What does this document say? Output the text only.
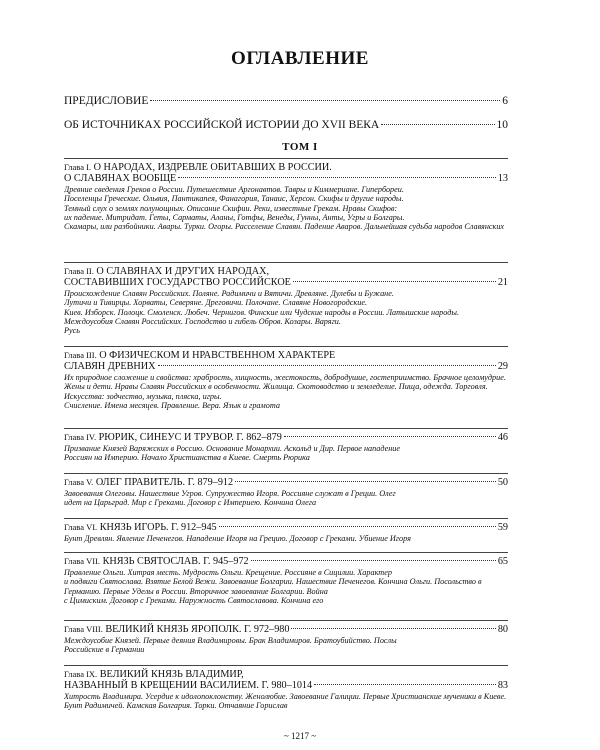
ОГЛАВЛЕНИЕ
ПРЕДИСЛОВИЕ	6
ОБ ИСТОЧНИКАХ РОССИЙСКОЙ ИСТОРИИ ДО XVII ВЕКА	10
ТОМ I
Глава I. О НАРОДАХ, ИЗДРЕВЛЕ ОБИТАВШИХ В РОССИИ.
О СЛАВЯНАХ ВООБЩЕ	13
Древние сведения Греков о России. Путешествие Аргонавтов. Тавры и Киммериане. Гипербореи.
Поселенцы Греческие. Ольвия, Пантикапея, Фанагория, Танаис, Херсон. Скифы и другие народы.
Темный слух о землях полунощных. Описание Скифии. Реки, известные Грекам. Нравы Скифов:
их падение. Митридат. Геты, Сарматы, Аланы, Готфы, Венеды, Гунны, Анты, Угры и Болгары.
Скамары, или разбойники. Авары. Турки. Огоры. Расселение Славян. Падение Аваров. Дальнейшая судьба народов Славянских
Глава II. О СЛАВЯНАХ И ДРУГИХ НАРОДАХ,
СОСТАВИВШИХ ГОСУДАРСТВО РОССИЙСКОЕ	21
Происхождение Славян Российских. Поляне. Радимичи и Вятичи. Древляне. Дулебы и Бужане.
Лутичи и Тивирцы. Хорваты, Северяне. Дреговичи. Полочане. Славяне Новогородские.
Киев. Изборск. Полоцк. Смоленск. Любеч. Чернигов. Финские или Чудские народы в России. Латышские народы. Междоусобия Славян Российских. Господство и гибель Обров. Козары. Варяги.
Русь
Глава III. О ФИЗИЧЕСКОМ И НРАВСТВЕННОМ ХАРАКТЕРЕ
СЛАВЯН ДРЕВНИХ	29
Их природное сложение и свойства: храбрость, хищность, жестокость, добродушие, гостеприимство. Брачное целомудрие. Жены и дети. Нравы Славян Российских в особенности. Жилища. Скотоводство и земледелие. Пища, одежда. Торговля. Искусства: зодчество, музыка, пляска, игры.
Счисление. Имена месяцев. Правление. Вера. Язык и грамота
Глава IV. РЮРИК, СИНЕУС И ТРУВОР. Г. 862–879	46
Призвание Князей Варяжских в Россию. Основание Монархии. Аскольд и Дир. Первое нападение
Россиян на Империю. Начало Христианства в Киеве. Смерть Рюрика
Глава V. ОЛЕГ ПРАВИТЕЛЬ. Г. 879–912	50
Завоевания Олеговы. Нашествие Угров. Супружество Игоря. Россияне служат в Греции. Олег
идет на Царьград. Мир с Греками. Договор с Империею. Кончина Олега
Глава VI. КНЯЗЬ ИГОРЬ. Г. 912–945	59
Бунт Древлян. Явление Печенегов. Нападение Игоря на Грецию. Договор с Греками. Убиение Игоря
Глава VII. КНЯЗЬ СВЯТОСЛАВ. Г. 945–972	65
Правление Ольги. Хитрая месть. Мудрость Ольги. Крещение. Россияне в Сицилии. Характер
и подвиги Святослава. Взятие Белой Вежи. Завоевание Болгарии. Нашествие Печенегов. Кончина Ольги. Посольство в Германию. Первые Уделы в России. Вторичное завоевание Болгарии. Война
с Цимиским. Договор с Греками. Наружность Святославова. Кончина его
Глава VIII. ВЕЛИКИЙ КНЯЗЬ ЯРОПОЛК. Г. 972–980	80
Междоусобие Князей. Первые деяния Владимировы. Брак Владимиров. Братоубийство. Послы
Российские в Германии
Глава IX. ВЕЛИКИЙ КНЯЗЬ ВЛАДИМИР,
НАЗВАННЫЙ В КРЕЩЕНИИ ВАСИЛИЕМ. Г. 980–1014	83
Хитрость Владимира. Усердие к идолопоклонству. Женолюбие. Завоевание Галиции. Первые Христианские мученики в Киеве. Бунт Радимичей. Камская Болгария. Торки. Отчаяние Горислав
~ 1217 ~
